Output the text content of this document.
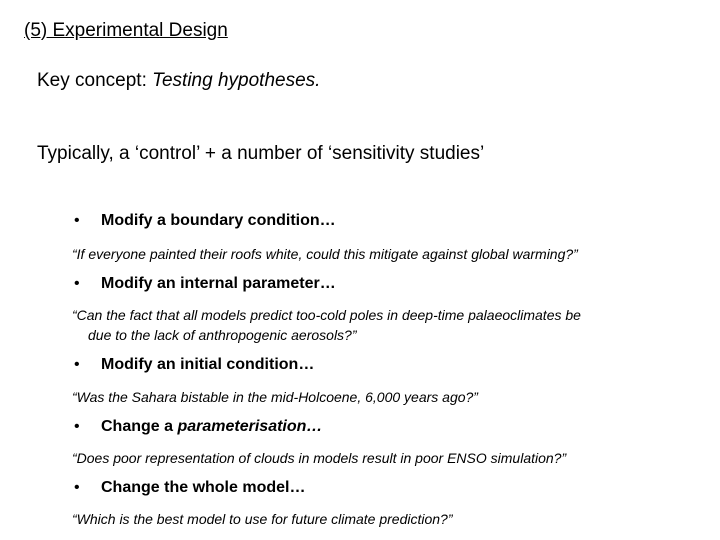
(5) Experimental Design
Key concept: Testing hypotheses.
Typically, a ‘control’ + a number of ‘sensitivity studies’
• Modify a boundary condition…
“If everyone painted their roofs white, could this mitigate against global warming?”
• Modify an internal parameter…
“Can the fact that all models predict too-cold poles in deep-time palaeoclimates be
due to the lack of anthropogenic aerosols?”
• Modify an initial condition…
“Was the Sahara bistable in the mid-Holcoene, 6,000 years ago?”
• Change a parameterisation…
“Does poor representation of clouds in models result in poor ENSO simulation?”
• Change the whole model…
“Which is the best model to use for future climate prediction?”
